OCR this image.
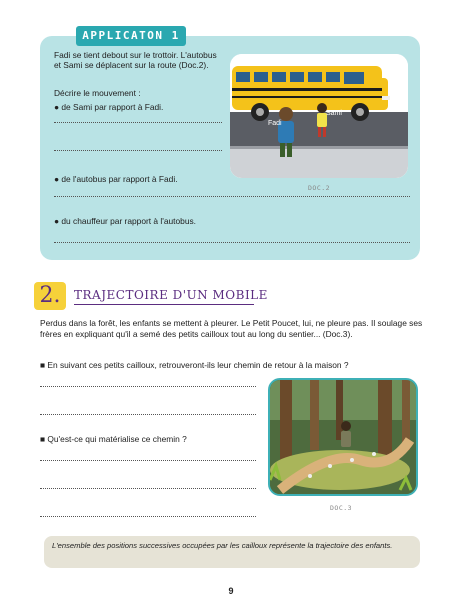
APPLICATON 1
Fadi se tient debout sur le trottoir. L'autobus et Sami se déplacent sur la route (Doc.2).
Décrire le mouvement :
● de Sami par rapport à Fadi.
● de l'autobus par rapport à Fadi.
● du chauffeur par rapport à l'autobus.
Fadi
Sami
DOC.2
2.	TRAJECTOIRE D'UN MOBILE
Perdus dans la forêt, les enfants se mettent à pleurer. Le Petit Poucet, lui, ne pleure pas. Il soulage ses frères en expliquant qu'il a semé des petits cailloux tout au long du sentier... (Doc.3).
■ En suivant ces petits cailloux, retrouveront-ils leur chemin de retour à la maison ?
■ Qu'est-ce qui matérialise ce chemin ?
DOC.3
L'ensemble des positions successives occupées par les cailloux représente la trajectoire des enfants.
9
